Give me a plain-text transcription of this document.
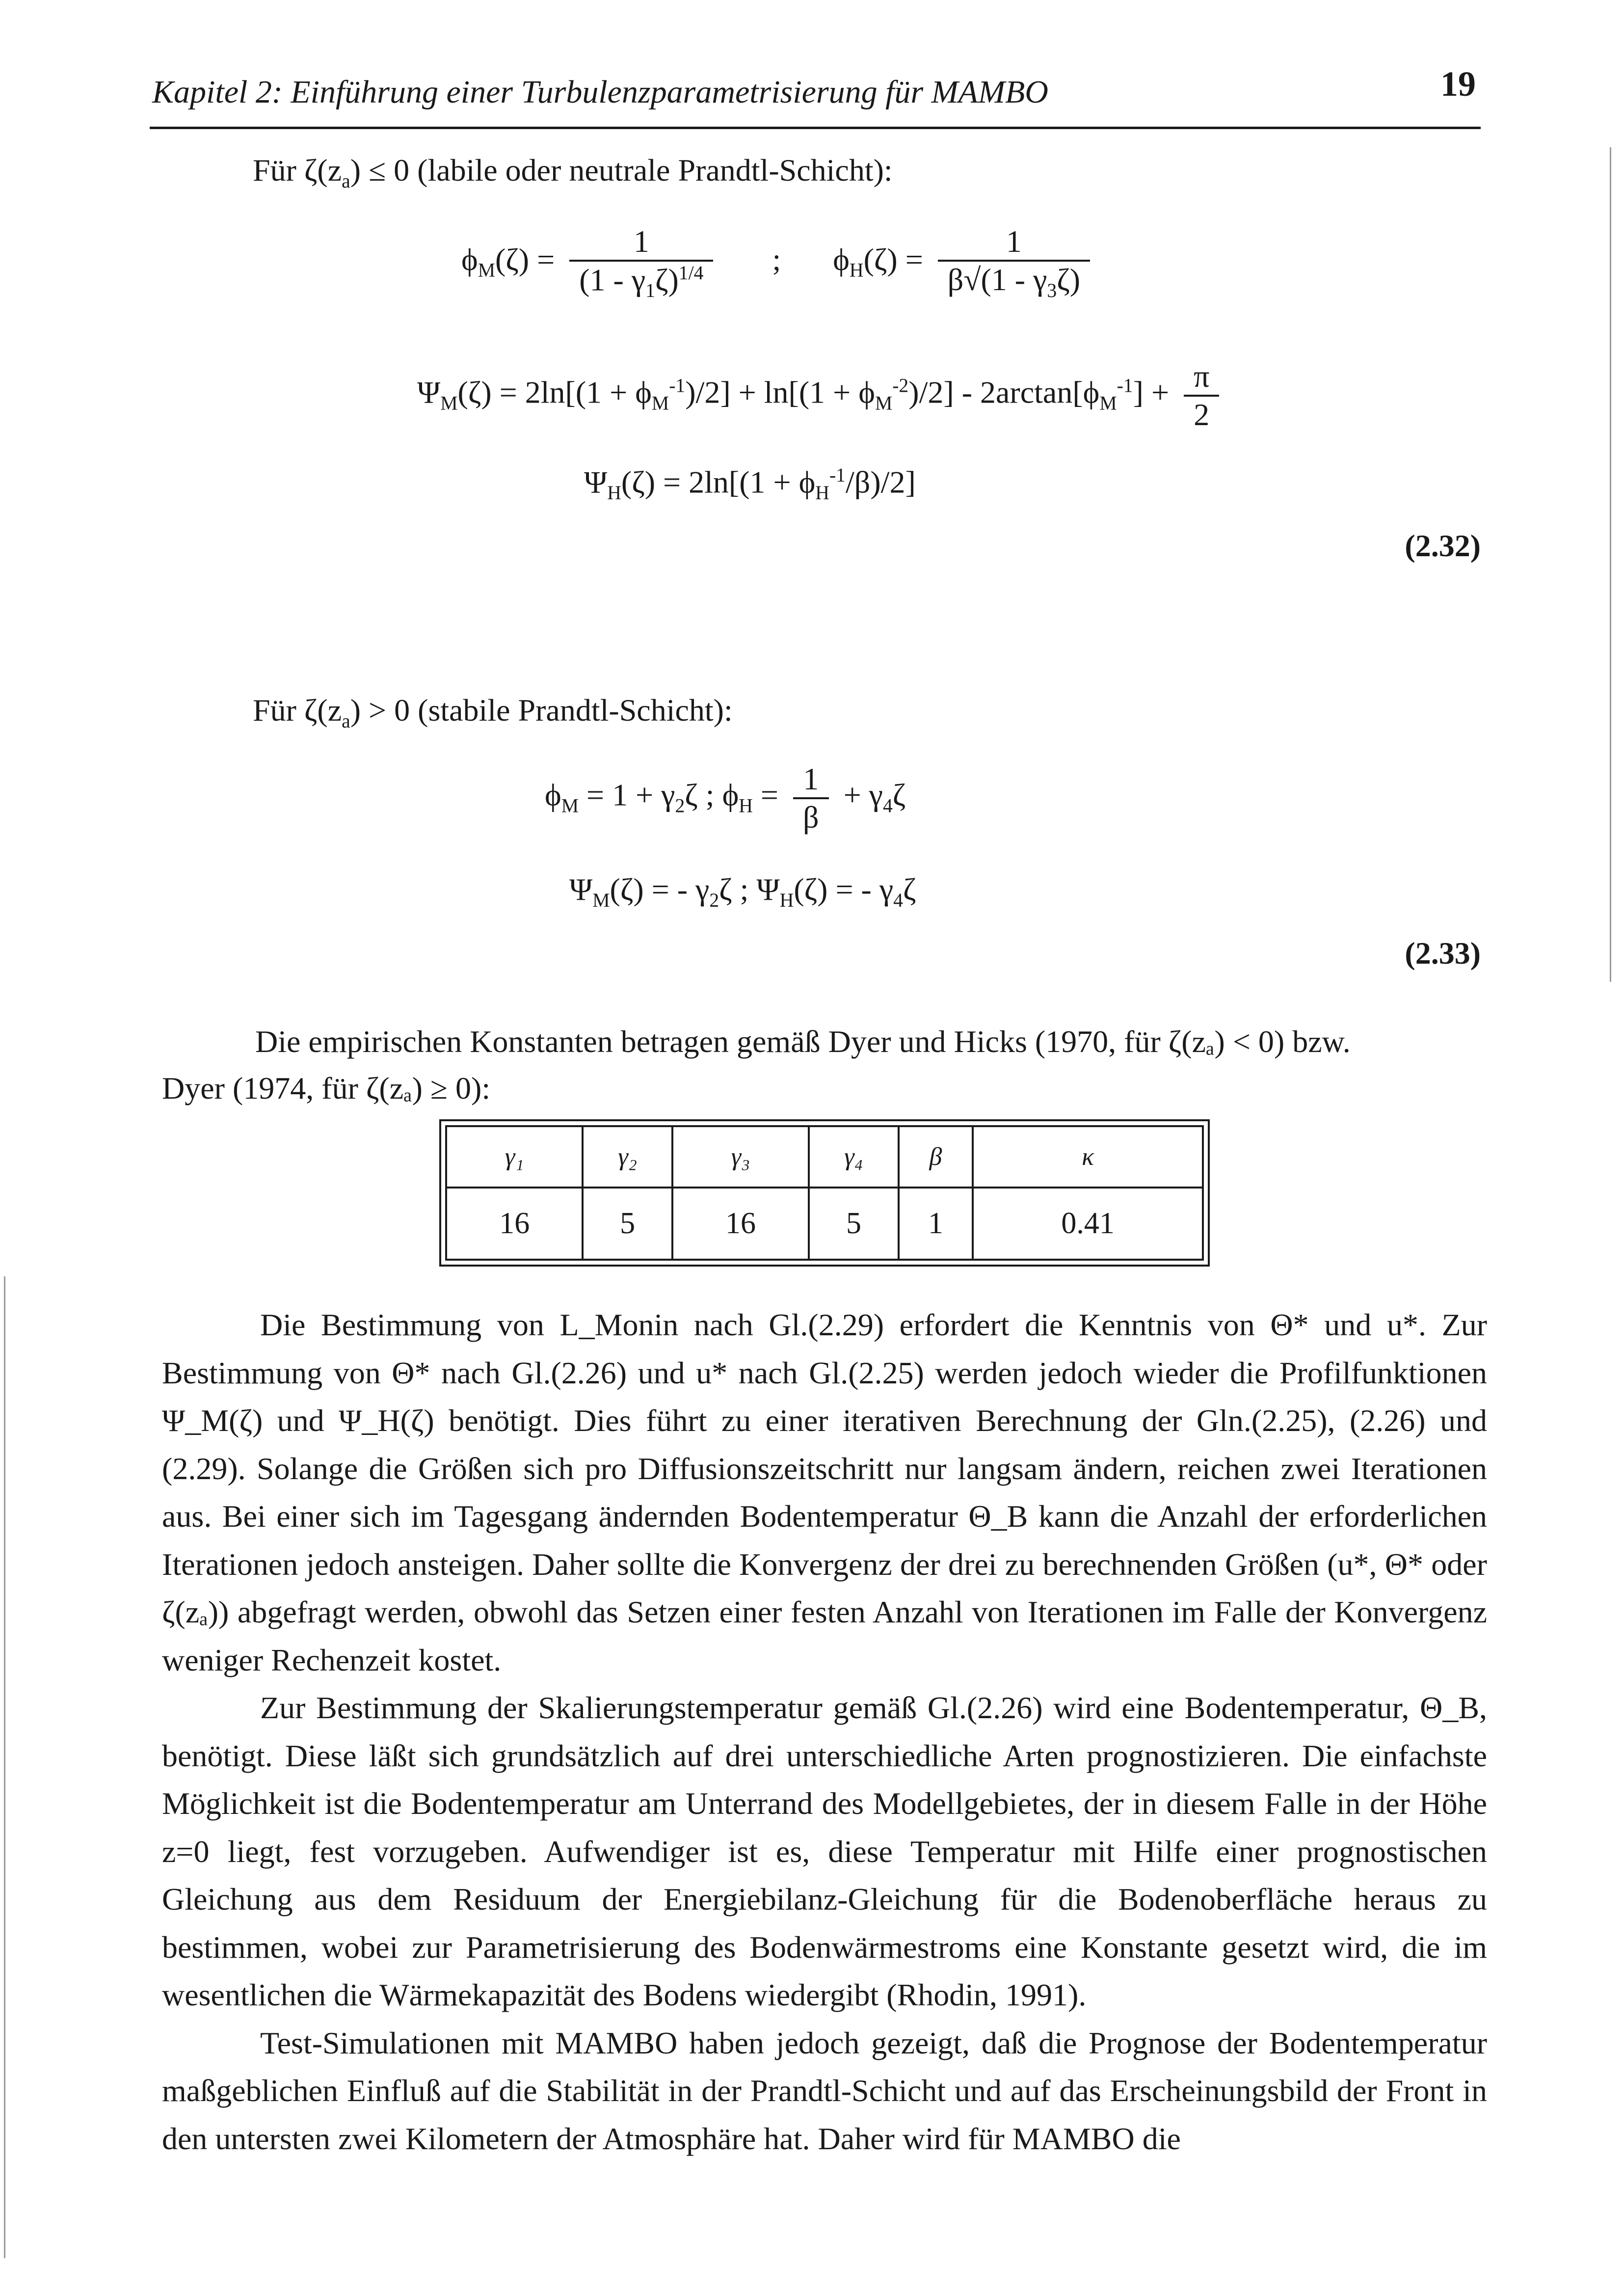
Kapitel 2: Einführung einer Turbulenzparametrisierung für MAMBO	19
Für $\zeta(z_a) \le 0$ (labile oder neutrale Prandtl-Schicht):
$\phi_M(\zeta) = \frac{1}{(1 - \gamma_1\zeta)^{1/4}}$ ; $\phi_H(\zeta) = \frac{1}{\beta√(1 - \gamma_3\zeta)}$
$\Psi_M(\zeta) = 2\ln[(1 + \phi_M^{-1})/2] + \ln[(1 + \phi_M^{-2})/2] - 2\arctan[\phi_M^{-1}] + \frac{\pi}{2}$
$\Psi_H(\zeta) = 2\ln[(1 + \phi_H^{-1}/\beta)/2]$
(2.32)
Für $\zeta(z_a) > 0$ (stabile Prandtl-Schicht):
$\phi_M = 1 + \gamma_2\zeta$ ; $\phi_H = \frac{1}{\beta} + \gamma_4\zeta$
$\Psi_M(\zeta)$ = - $\gamma_2\zeta$ ; $\Psi_H(\zeta)$ = - $\gamma_4\zeta$
(2.33)
Die empirischen Konstanten betragen gemäß Dyer und Hicks (1970, für ζ(zₐ) < 0) bzw.
Dyer (1974, für ζ(zₐ) ≥ 0):
γ₁	γ₂	γ₃	γ₄	β	κ
16	5	16	5	1	0.41

Die Bestimmung von L_Monin nach Gl.(2.29) erfordert die Kenntnis von Θ* und u*. Zur Bestimmung von Θ* nach Gl.(2.26) und u* nach Gl.(2.25) werden jedoch wieder die Profilfunktionen Ψ_M(ζ) und Ψ_H(ζ) benötigt. Dies führt zu einer iterativen Berechnung der Gln.(2.25), (2.26) und (2.29). Solange die Größen sich pro Diffusionszeitschritt nur langsam ändern, reichen zwei Iterationen aus. Bei einer sich im Tagesgang ändernden Bodentemperatur Θ_B kann die Anzahl der erforderlichen Iterationen jedoch ansteigen. Daher sollte die Konvergenz der drei zu berechnenden Größen (u*, Θ* oder ζ(zₐ)) abgefragt werden, obwohl das Setzen einer festen Anzahl von Iterationen im Falle der Konvergenz weniger Rechenzeit kostet.

Zur Bestimmung der Skalierungstemperatur gemäß Gl.(2.26) wird eine Bodentemperatur, Θ_B, benötigt. Diese läßt sich grundsätzlich auf drei unterschiedliche Arten prognostizieren. Die einfachste Möglichkeit ist die Bodentemperatur am Unterrand des Modellgebietes, der in diesem Falle in der Höhe z=0 liegt, fest vorzugeben. Aufwendiger ist es, diese Temperatur mit Hilfe einer prognostischen Gleichung aus dem Residuum der Energiebilanz-Gleichung für die Bodenoberfläche heraus zu bestimmen, wobei zur Parametrisierung des Bodenwärmestroms eine Konstante gesetzt wird, die im wesentlichen die Wärmekapazität des Bodens wiedergibt (Rhodin, 1991).

Test-Simulationen mit MAMBO haben jedoch gezeigt, daß die Prognose der Bodentemperatur maßgeblichen Einfluß auf die Stabilität in der Prandtl-Schicht und auf das Erscheinungsbild der Front in den untersten zwei Kilometern der Atmosphäre hat. Daher wird für MAMBO die
